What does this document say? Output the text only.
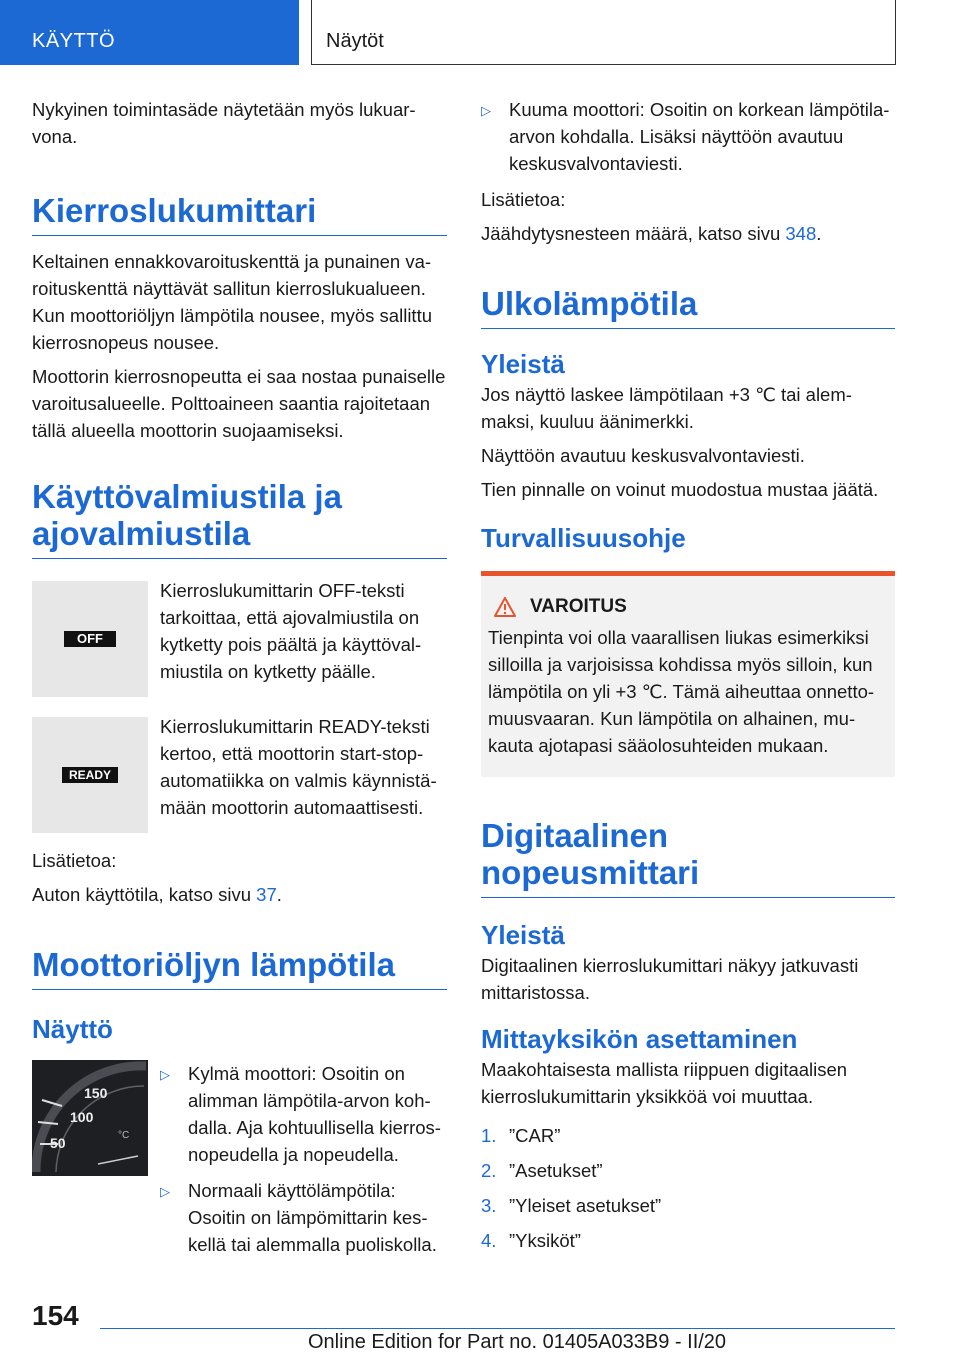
KÄYTTÖ	Näytöt

Nykyinen toimintasäde näytetään myös lukuarvona.

Kierroslukumittari

Keltainen ennakkovaroituskenttä ja punainen varoituskenttä näyttävät sallitun kierroslukualueen. Kun moottoriöljyn lämpötila nousee, myös sallittu kierrosnopeus nousee.

Moottorin kierrosnopeutta ei saa nostaa punaiselle varoitusalueelle. Polttoaineen saantia rajoitetaan tällä alueella moottorin suojaamiseksi.

Käyttövalmiustila ja ajovalmiustila
OFF
Kierroslukumittarin OFF-teksti tarkoittaa, että ajovalmiustila on kytketty pois päältä ja käyttövalmiustila on kytketty päälle.
READY
Kierroslukumittarin READY-teksti kertoo, että moottorin start-stop-automatiikka on valmis käynnistämään moottorin automaattisesti.

Lisätietoa:

Auton käyttötila, katso sivu 37.

Moottoriöljyn lämpötila
Näyttö
150
100
50	°C
▷ Kylmä moottori: Osoitin on alimman lämpötila-arvon kohdalla. Aja kohtuullisella kierrosnopeudella ja nopeudella.
▷ Normaali käyttölämpötila: Osoitin on lämpömittarin keskellä tai alemmalla puoliskolla.
▷ Kuuma moottori: Osoitin on korkean lämpötila-arvon kohdalla. Lisäksi näyttöön avautuu keskusvalvontaviesti.

Lisätietoa:

Jäähdytysnesteen määrä, katso sivu 348.

Ulkolämpötila
Yleistä

Jos näyttö laskee lämpötilaan +3 ℃ tai alemmaksi, kuuluu äänimerkki.

Näyttöön avautuu keskusvalvontaviesti.

Tien pinnalle on voinut muodostua mustaa jäätä.

Turvallisuusohje
VAROITUS

Tienpinta voi olla vaarallisen liukas esimerkiksi silloilla ja varjoisissa kohdissa myös silloin, kun lämpötila on yli +3 ℃. Tämä aiheuttaa onnettomuusvaaran. Kun lämpötila on alhainen, mukauta ajotapasi sääolosuhteiden mukaan.

Digitaalinen nopeusmittari
Yleistä

Digitaalinen kierroslukumittari näkyy jatkuvasti mittaristossa.

Mittayksikön asettaminen

Maakohtaisesta mallista riippuen digitaalisen kierroslukumittarin yksikköä voi muuttaa.

1. ”CAR”
2. ”Asetukset”
3. ”Yleiset asetukset”
4. ”Yksiköt”
154
Online Edition for Part no. 01405A033B9 - II/20
